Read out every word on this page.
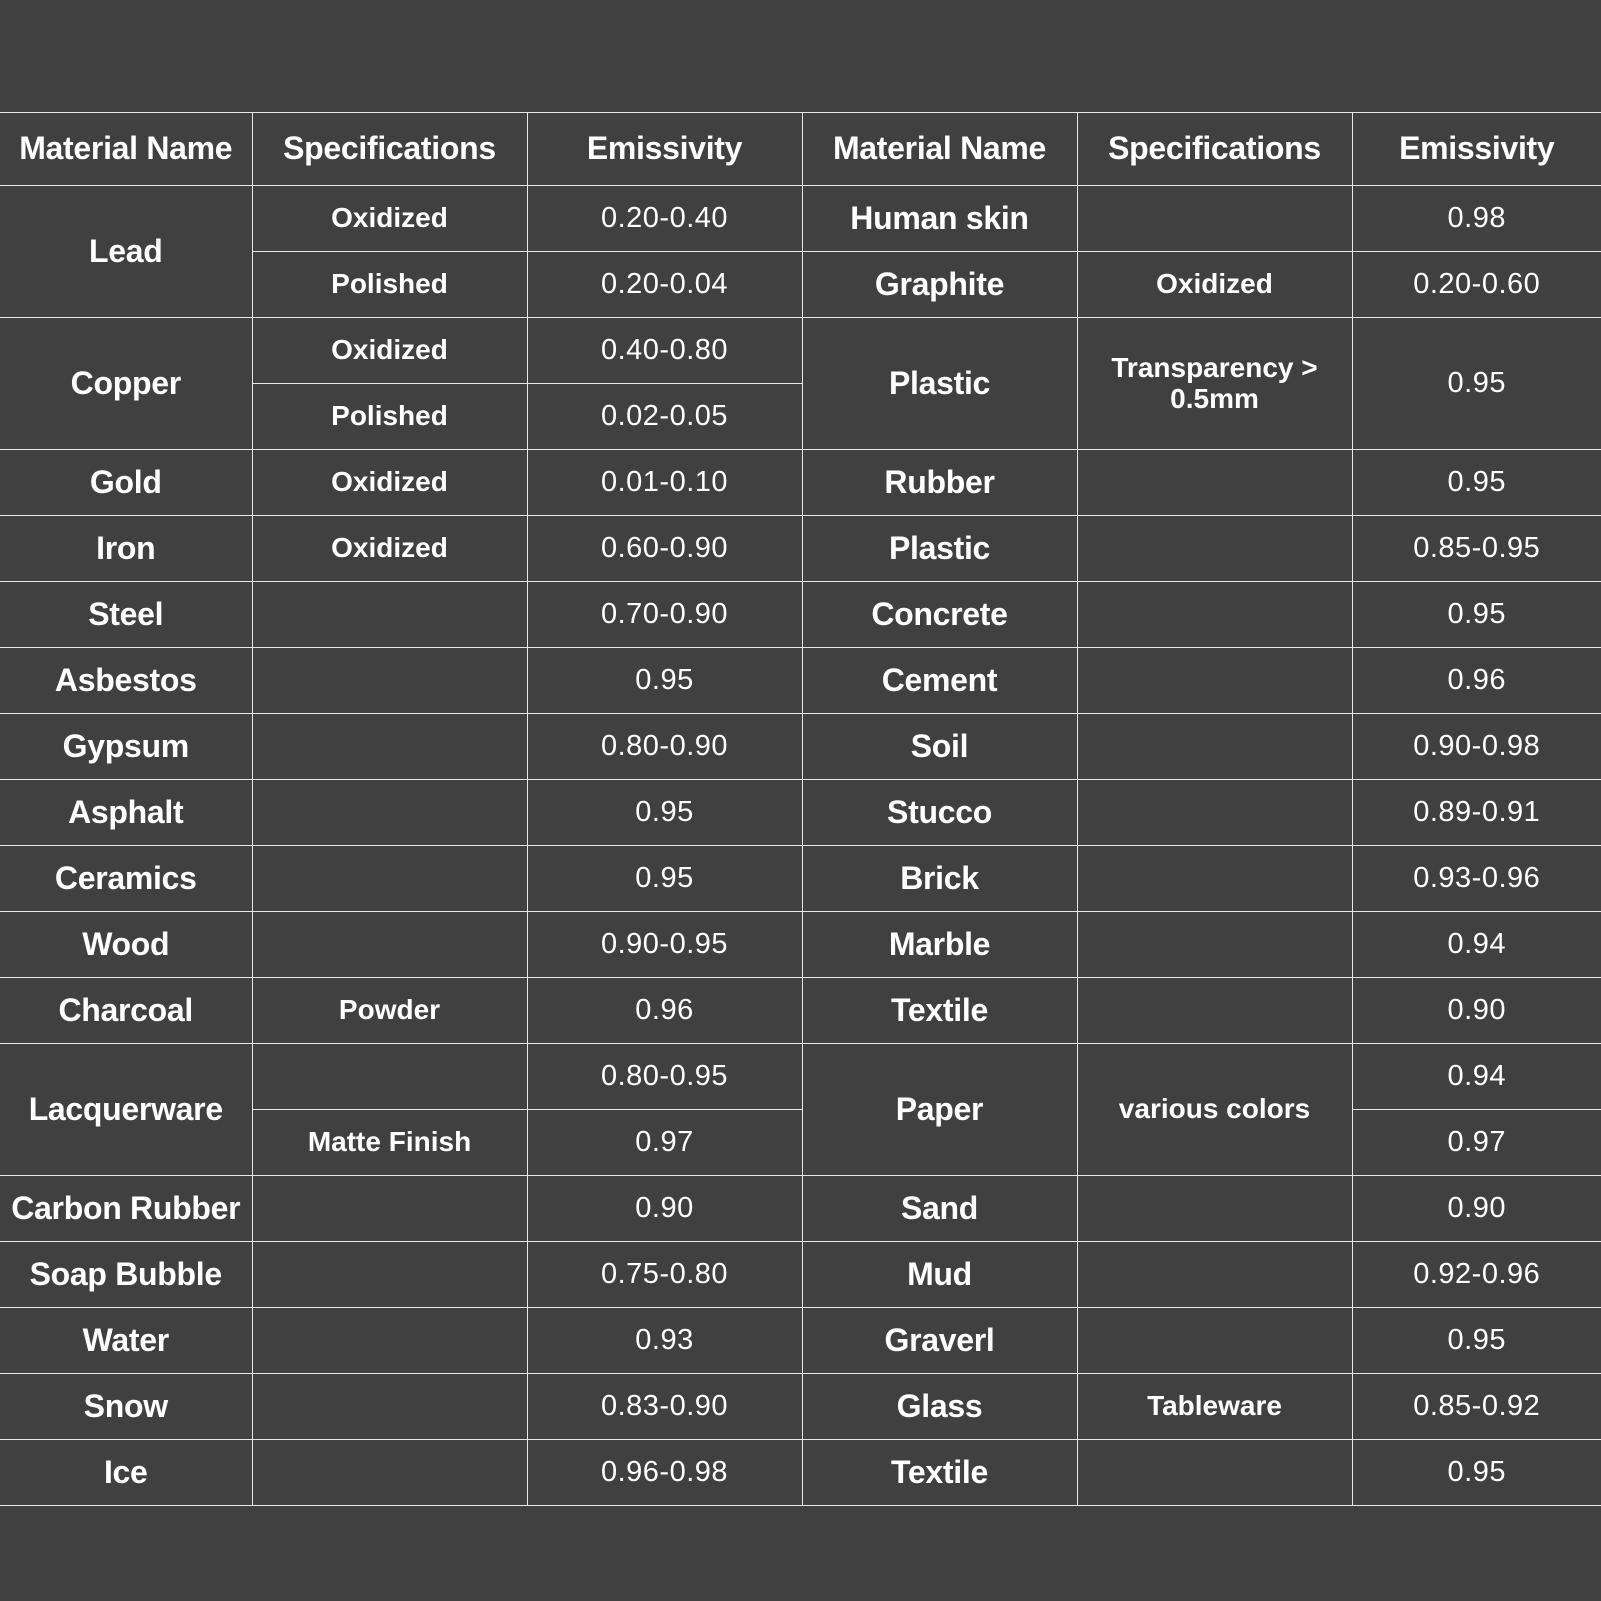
Material Name	Specifications	Emissivity	Material Name	Specifications	Emissivity
Lead	Oxidized	0.20-0.40	Human skin		0.98
	Polished	0.20-0.04	Graphite	Oxidized	0.20-0.60
Copper	Oxidized	0.40-0.80	Plastic	Transparency > 0.5mm	0.95
	Polished	0.02-0.05			
Gold	Oxidized	0.01-0.10	Rubber		0.95
Iron	Oxidized	0.60-0.90	Plastic		0.85-0.95
Steel		0.70-0.90	Concrete		0.95
Asbestos		0.95	Cement		0.96
Gypsum		0.80-0.90	Soil		0.90-0.98
Asphalt		0.95	Stucco		0.89-0.91
Ceramics		0.95	Brick		0.93-0.96
Wood		0.90-0.95	Marble		0.94
Charcoal	Powder	0.96	Textile		0.90
Lacquerware		0.80-0.95	Paper	various colors	0.94
	Matte Finish	0.97			0.97
Carbon Rubber		0.90	Sand		0.90
Soap Bubble		0.75-0.80	Mud		0.92-0.96
Water		0.93	Graverl		0.95
Snow		0.83-0.90	Glass	Tableware	0.85-0.92
Ice		0.96-0.98	Textile		0.95
